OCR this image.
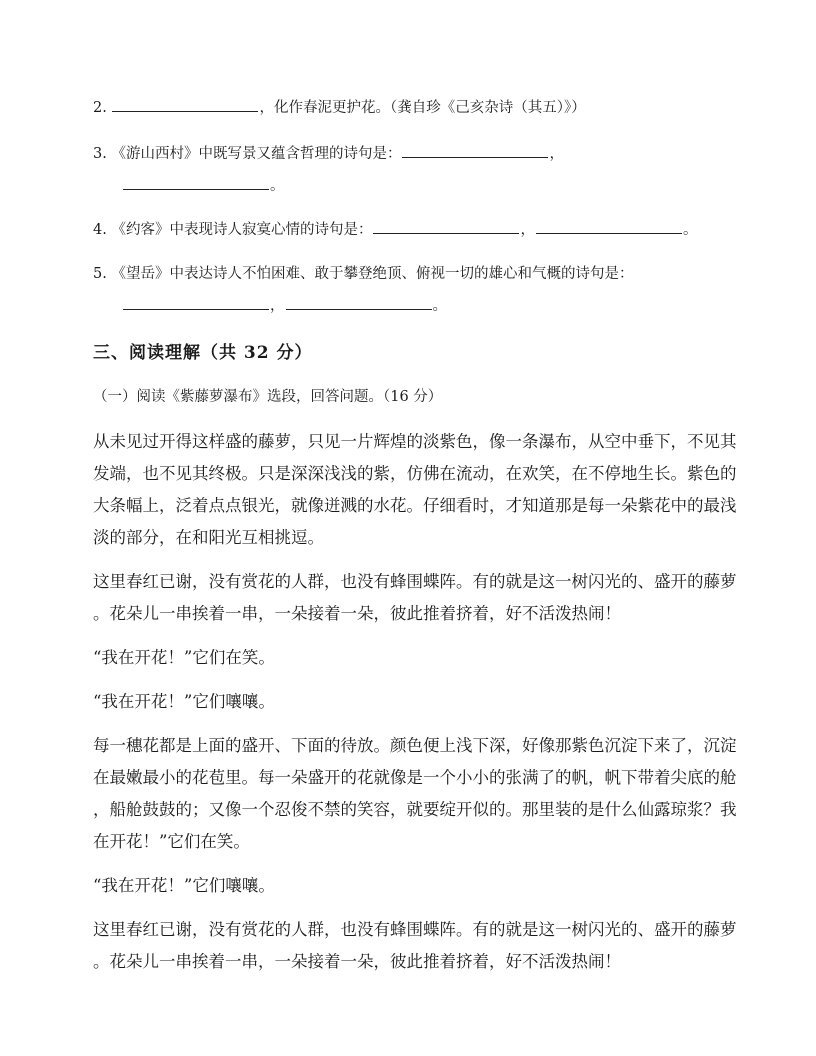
2.	，化作春泥更护花。（龚自珍《己亥杂诗（其五）》）
3. 《游山西村》中既写景又蕴含哲理的诗句是：	，
。
4. 《约客》中表现诗人寂寞心情的诗句是：	，	。
5. 《望岳》中表达诗人不怕困难、敢于攀登绝顶、俯视一切的雄心和气概的诗句是：
，	。
三、阅读理解（共 32 分）
（一）阅读《紫藤萝瀑布》选段，回答问题。（16 分）
从未见过开得这样盛的藤萝，只见一片辉煌的淡紫色，像一条瀑布，从空中垂下，不见其
发端，也不见其终极。只是深深浅浅的紫，仿佛在流动，在欢笑，在不停地生长。紫色的
大条幅上，泛着点点银光，就像迸溅的水花。仔细看时，才知道那是每一朵紫花中的最浅
淡的部分，在和阳光互相挑逗。
这里春红已谢，没有赏花的人群，也没有蜂围蝶阵。有的就是这一树闪光的、盛开的藤萝
。花朵儿一串挨着一串，一朵接着一朵，彼此推着挤着，好不活泼热闹！
“我在开花！”它们在笑。
“我在开花！”它们嚷嚷。
每一穗花都是上面的盛开、下面的待放。颜色便上浅下深，好像那紫色沉淀下来了，沉淀
在最嫩最小的花苞里。每一朵盛开的花就像是一个小小的张满了的帆，帆下带着尖底的舱
，船舱鼓鼓的；又像一个忍俊不禁的笑容，就要绽开似的。那里装的是什么仙露琼浆？我
在开花！”它们在笑。
“我在开花！”它们嚷嚷。
这里春红已谢，没有赏花的人群，也没有蜂围蝶阵。有的就是这一树闪光的、盛开的藤萝
。花朵儿一串挨着一串，一朵接着一朵，彼此推着挤着，好不活泼热闹！
